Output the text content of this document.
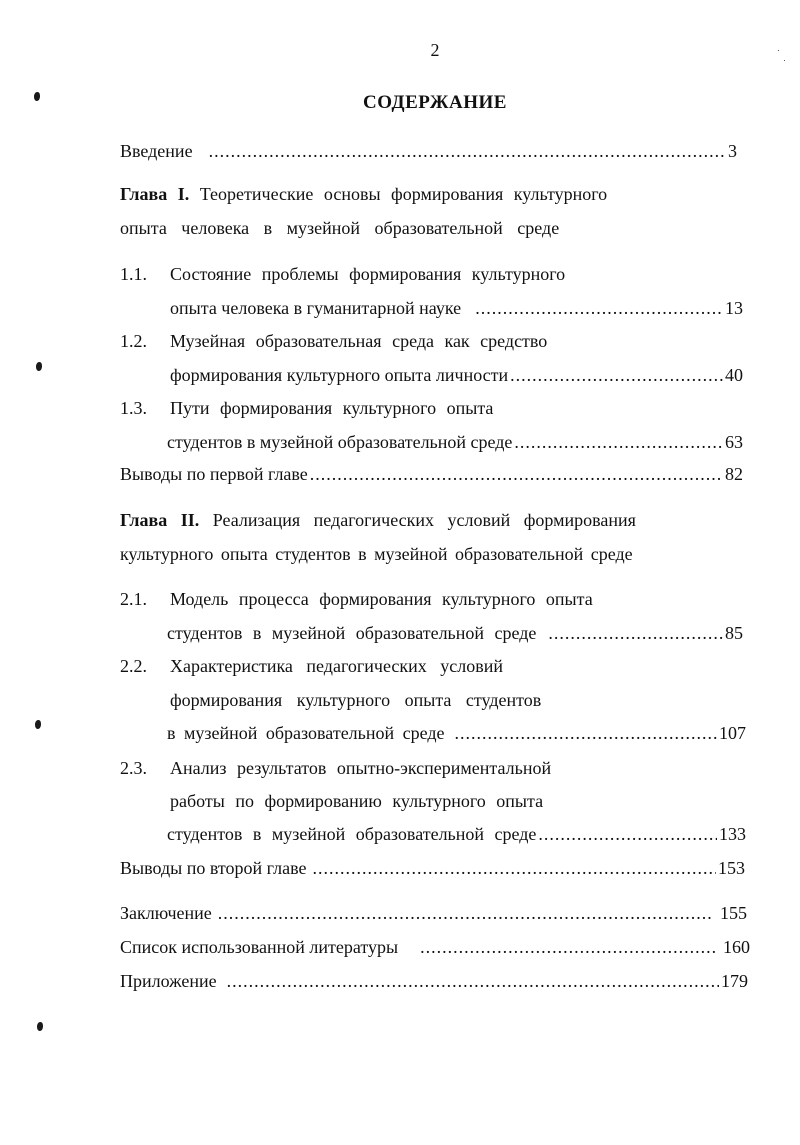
2
СОДЕРЖАНИЕ
Введение .....	3
Глава I. Теоретические основы формирования культурного
опыта человека в музейной образовательной среде
1.1. Состояние проблемы формирования культурного
опыта человека в гуманитарной науке .....	13
1.2. Музейная образовательная среда как средство
формирования культурного опыта личности .....	40
1.3. Пути формирования культурного опыта
студентов в музейной образовательной среде .....	63
Выводы по первой главе .....	82
Глава II. Реализация педагогических условий формирования
культурного опыта студентов в музейной образовательной среде
2.1. Модель процесса формирования культурного опыта
студентов в музейной образовательной среде .....	85
2.2. Характеристика педагогических условий
формирования культурного опыта студентов
в музейной образовательной среде .....	107
2.3. Анализ результатов опытно-экспериментальной
работы по формированию культурного опыта
студентов в музейной образовательной среде .....	133
Выводы по второй главе .....	153
Заключение .....	155
Список использованной литературы .....	160
Приложение .....	179
